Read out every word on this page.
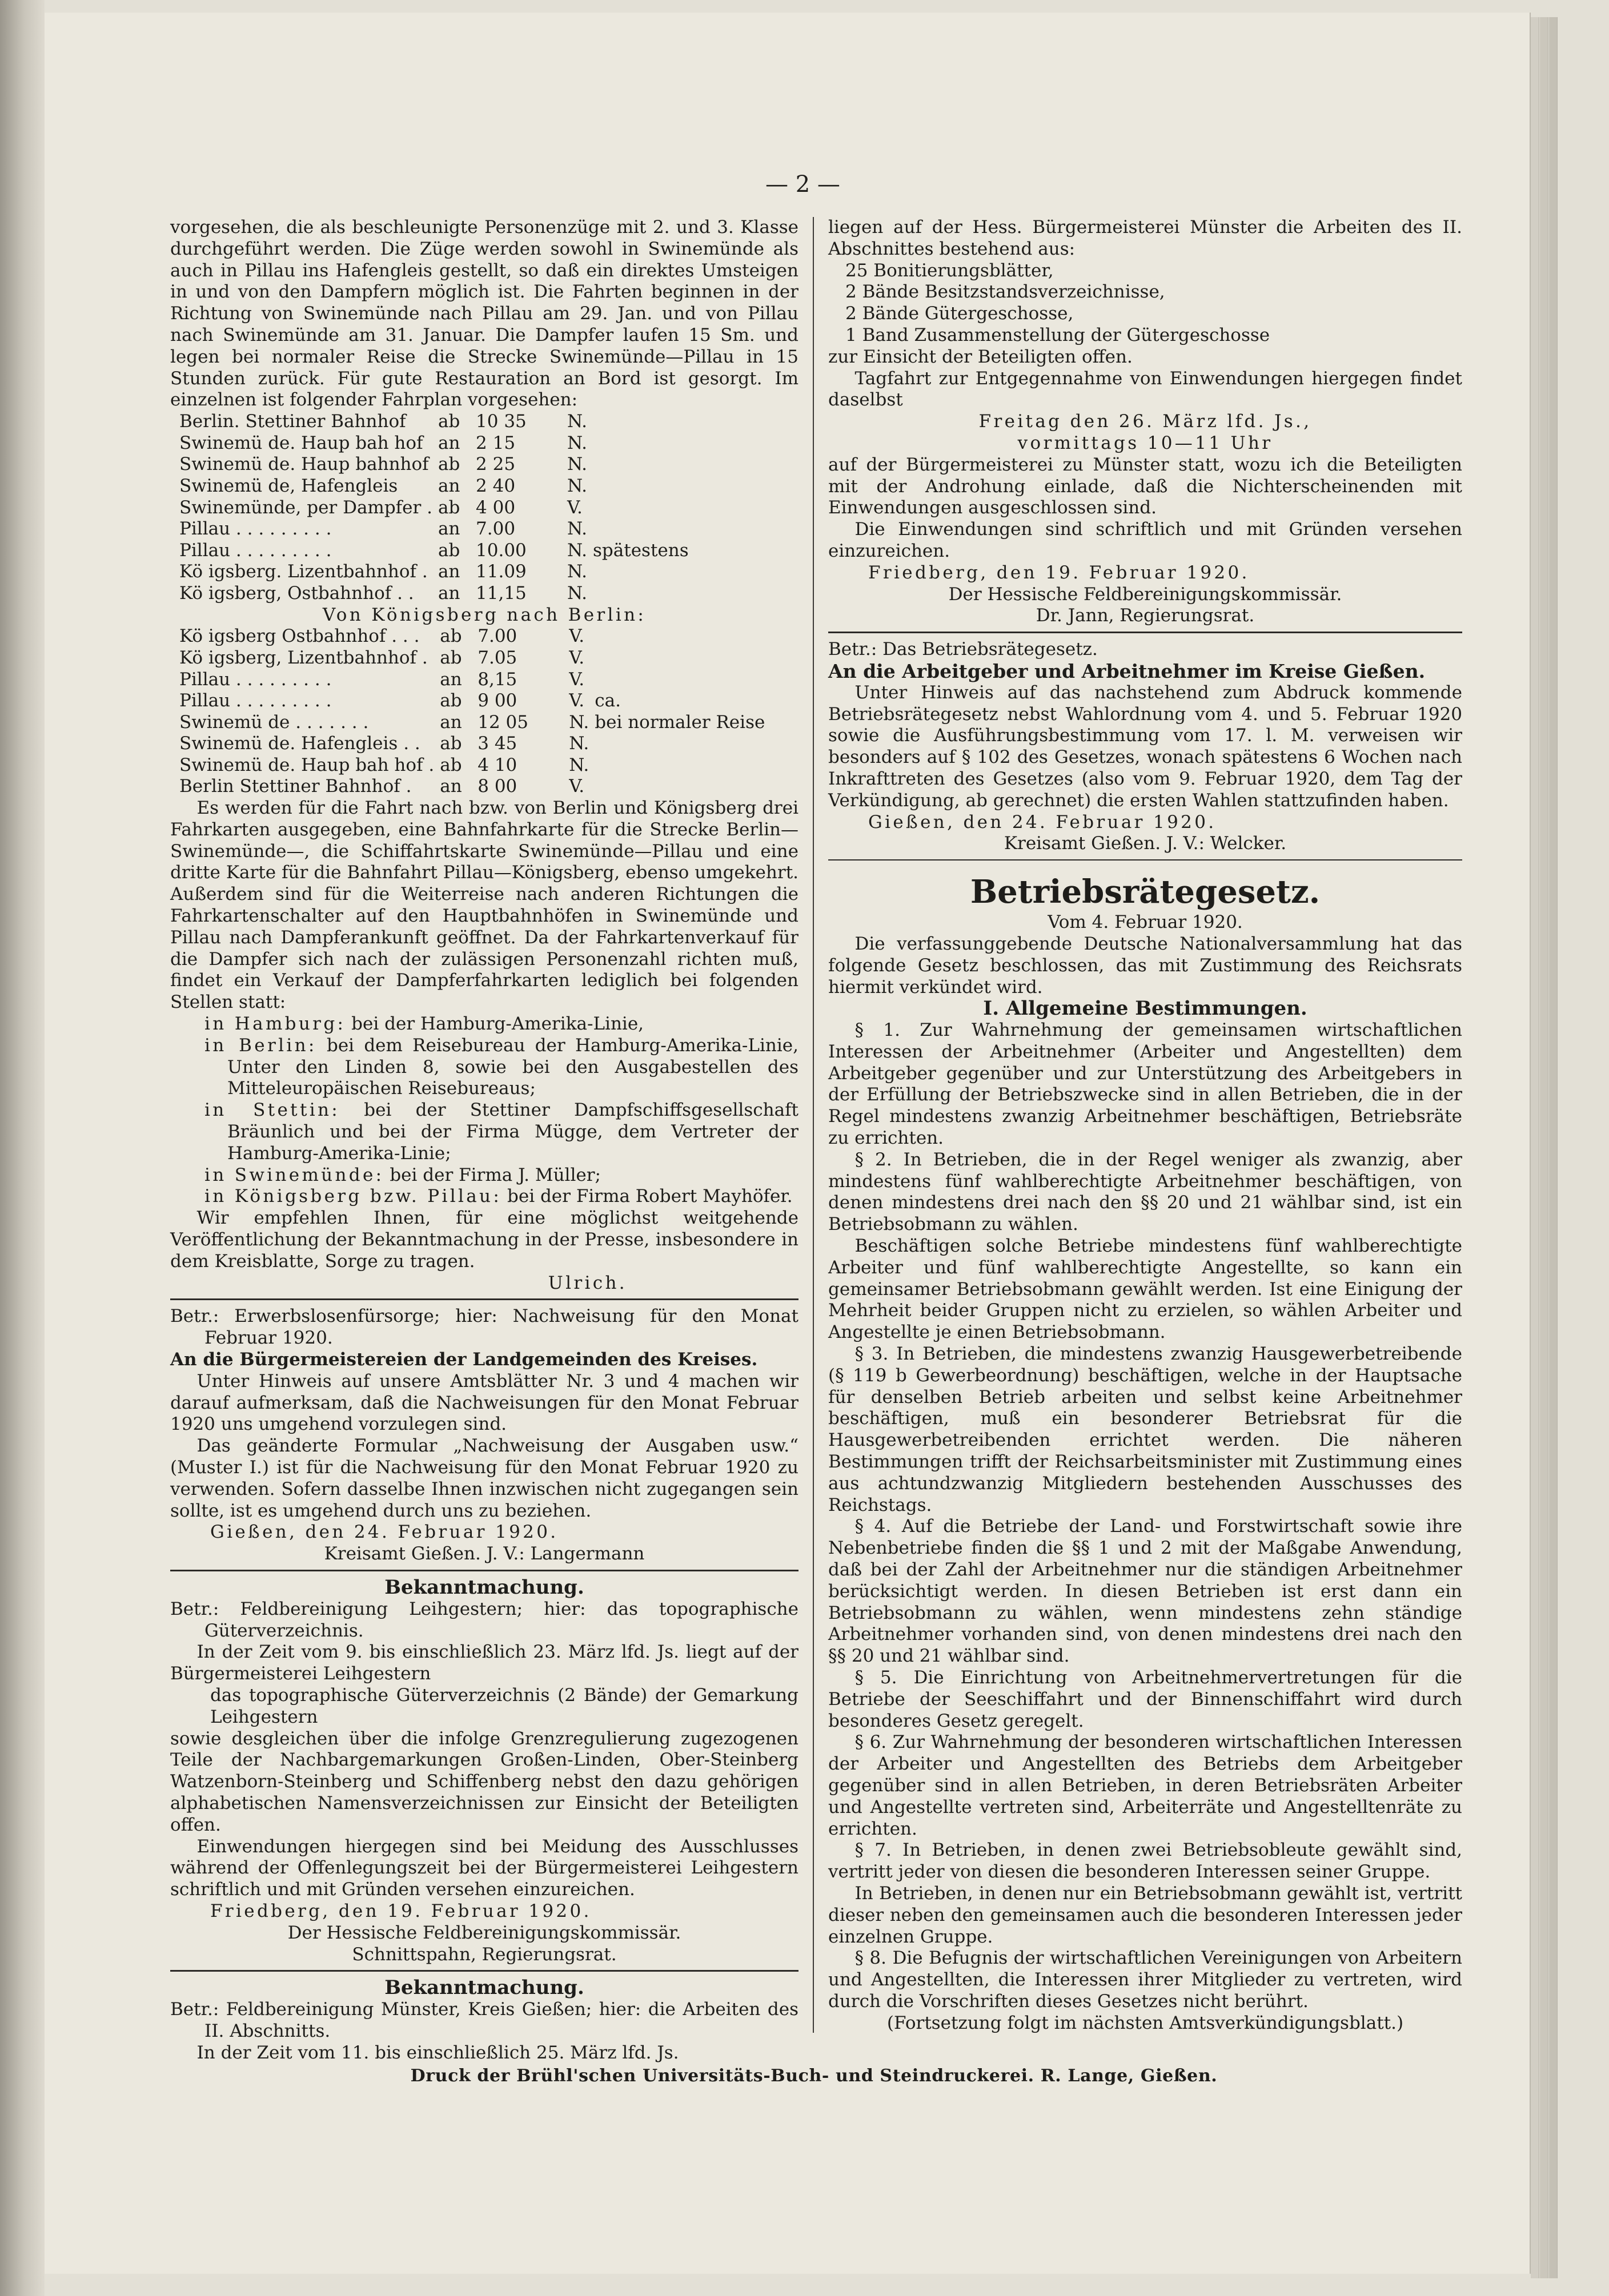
— 2 —

vorgesehen, die als beschleunigte Personenzüge mit 2. und 3. Klasse durchgeführt werden. Die Züge werden sowohl in Swinemünde als auch in Pillau ins Hafengleis gestellt, so daß ein direktes Umsteigen in und von den Dampfern möglich ist. Die Fahrten beginnen in der Richtung von Swinemünde nach Pillau am 29. Jan. und von Pillau nach Swinemünde am 31. Januar. Die Dampfer laufen 15 Sm. und legen bei normaler Reise die Strecke Swinemünde—Pillau in 15 Stunden zurück. Für gute Restauration an Bord ist gesorgt. Im einzelnen ist folgender Fahrplan vorgesehen:

Berlin. Stettiner Bahnhof	ab	10 35	N.	
Swinemü de. Haup bah hof	an	2 15	N.	
Swinemü de. Haup bahnhof	ab	2 25	N.	
Swinemü de, Hafengleis	an	2 40	N.	
Swinemünde, per Dampfer .	ab	4 00	V.	
Pillau . . . . . . . . .	an	7.00	N.	
Pillau . . . . . . . . .	ab	10.00	N.	spätestens
Kö igsberg. Lizentbahnhof .	an	11.09	N.	
Kö igsberg, Ostbahnhof . .	an	11,15	N.	

Von Königsberg nach Berlin:

Kö igsberg Ostbahnhof . . .	ab	7.00	V.	
Kö igsberg, Lizentbahnhof .	ab	7.05	V.	
Pillau . . . . . . . . .	an	8,15	V.	
Pillau . . . . . . . . .	ab	9 00	V.	ca.
Swinemü de . . . . . . .	an	12 05	N.	bei normaler Reise
Swinemü de. Hafengleis . .	ab	3 45	N.	
Swinemü de. Haup bah hof .	ab	4 10	N.	
Berlin Stettiner Bahnhof .	an	8 00	V.	

Es werden für die Fahrt nach bzw. von Berlin und Königsberg drei Fahrkarten ausgegeben, eine Bahnfahrkarte für die Strecke Berlin—Swinemünde—, die Schiffahrtskarte Swinemünde—Pillau und eine dritte Karte für die Bahnfahrt Pillau—Königsberg, ebenso umgekehrt. Außerdem sind für die Weiterreise nach anderen Richtungen die Fahrkartenschalter auf den Hauptbahnhöfen in Swinemünde und Pillau nach Dampferankunft geöffnet. Da der Fahrkartenverkauf für die Dampfer sich nach der zulässigen Personenzahl richten muß, findet ein Verkauf der Dampferfahrkarten lediglich bei folgenden Stellen statt:

in Hamburg: bei der Hamburg-Amerika-Linie,

in Berlin: bei dem Reisebureau der Hamburg-Amerika-Linie, Unter den Linden 8, sowie bei den Ausgabestellen des Mitteleuropäischen Reisebureaus;

in Stettin: bei der Stettiner Dampfschiffsgesellschaft Bräunlich und bei der Firma Mügge, dem Vertreter der Hamburg-Amerika-Linie;

in Swinemünde: bei der Firma J. Müller;

in Königsberg bzw. Pillau: bei der Firma Robert Mayhöfer.

Wir empfehlen Ihnen, für eine möglichst weitgehende Veröffentlichung der Bekanntmachung in der Presse, insbesondere in dem Kreisblatte, Sorge zu tragen.

Ulrich.

Betr.: Erwerbslosenfürsorge; hier: Nachweisung für den Monat Februar 1920.

An die Bürgermeistereien der Landgemeinden des Kreises.

Unter Hinweis auf unsere Amtsblätter Nr. 3 und 4 machen wir darauf aufmerksam, daß die Nachweisungen für den Monat Februar 1920 uns umgehend vorzulegen sind.

Das geänderte Formular „Nachweisung der Ausgaben usw.“ (Muster I.) ist für die Nachweisung für den Monat Februar 1920 zu verwenden. Sofern dasselbe Ihnen inzwischen nicht zugegangen sein sollte, ist es umgehend durch uns zu beziehen.

Gießen, den 24. Februar 1920.

Kreisamt Gießen. J. V.: Langermann

Bekanntmachung.

Betr.: Feldbereinigung Leihgestern; hier: das topographische Güterverzeichnis.

In der Zeit vom 9. bis einschließlich 23. März lfd. Js. liegt auf der Bürgermeisterei Leihgestern

das topographische Güterverzeichnis (2 Bände) der Gemarkung Leihgestern

sowie desgleichen über die infolge Grenzregulierung zugezogenen Teile der Nachbargemarkungen Großen-Linden, Ober-Steinberg Watzenborn-Steinberg und Schiffenberg nebst den dazu gehörigen alphabetischen Namensverzeichnissen zur Einsicht der Beteiligten offen.

Einwendungen hiergegen sind bei Meidung des Ausschlusses während der Offenlegungszeit bei der Bürgermeisterei Leihgestern schriftlich und mit Gründen versehen einzureichen.

Friedberg, den 19. Februar 1920.

Der Hessische Feldbereinigungskommissär.

Schnittspahn, Regierungsrat.

Bekanntmachung.

Betr.: Feldbereinigung Münster, Kreis Gießen; hier: die Arbeiten des II. Abschnitts.

In der Zeit vom 11. bis einschließlich 25. März lfd. Js.

liegen auf der Hess. Bürgermeisterei Münster die Arbeiten des II. Abschnittes bestehend aus:

25 Bonitierungsblätter,

2 Bände Besitzstandsverzeichnisse,

2 Bände Gütergeschosse,

1 Band Zusammenstellung der Gütergeschosse

zur Einsicht der Beteiligten offen.

Tagfahrt zur Entgegennahme von Einwendungen hiergegen findet daselbst

Freitag den 26. März lfd. Js.,

vormittags 10—11 Uhr

auf der Bürgermeisterei zu Münster statt, wozu ich die Beteiligten mit der Androhung einlade, daß die Nichterscheinenden mit Einwendungen ausgeschlossen sind.

Die Einwendungen sind schriftlich und mit Gründen versehen einzureichen.

Friedberg, den 19. Februar 1920.

Der Hessische Feldbereinigungskommissär.

Dr. Jann, Regierungsrat.

Betr.: Das Betriebsrätegesetz.

An die Arbeitgeber und Arbeitnehmer im Kreise Gießen.

Unter Hinweis auf das nachstehend zum Abdruck kommende Betriebsrätegesetz nebst Wahlordnung vom 4. und 5. Februar 1920 sowie die Ausführungsbestimmung vom 17. l. M. verweisen wir besonders auf § 102 des Gesetzes, wonach spätestens 6 Wochen nach Inkrafttreten des Gesetzes (also vom 9. Februar 1920, dem Tag der Verkündigung, ab gerechnet) die ersten Wahlen stattzufinden haben.

Gießen, den 24. Februar 1920.

Kreisamt Gießen. J. V.: Welcker.

Betriebsrätegesetz.

Vom 4. Februar 1920.

Die verfassunggebende Deutsche Nationalversammlung hat das folgende Gesetz beschlossen, das mit Zustimmung des Reichsrats hiermit verkündet wird.

I. Allgemeine Bestimmungen.

§ 1. Zur Wahrnehmung der gemeinsamen wirtschaftlichen Interessen der Arbeitnehmer (Arbeiter und Angestellten) dem Arbeitgeber gegenüber und zur Unterstützung des Arbeitgebers in der Erfüllung der Betriebszwecke sind in allen Betrieben, die in der Regel mindestens zwanzig Arbeitnehmer beschäftigen, Betriebsräte zu errichten.

§ 2. In Betrieben, die in der Regel weniger als zwanzig, aber mindestens fünf wahlberechtigte Arbeitnehmer beschäftigen, von denen mindestens drei nach den §§ 20 und 21 wählbar sind, ist ein Betriebsobmann zu wählen.

Beschäftigen solche Betriebe mindestens fünf wahlberechtigte Arbeiter und fünf wahlberechtigte Angestellte, so kann ein gemeinsamer Betriebsobmann gewählt werden. Ist eine Einigung der Mehrheit beider Gruppen nicht zu erzielen, so wählen Arbeiter und Angestellte je einen Betriebsobmann.

§ 3. In Betrieben, die mindestens zwanzig Hausgewerbetreibende (§ 119 b Gewerbeordnung) beschäftigen, welche in der Hauptsache für denselben Betrieb arbeiten und selbst keine Arbeitnehmer beschäftigen, muß ein besonderer Betriebsrat für die Hausgewerbetreibenden errichtet werden. Die näheren Bestimmungen trifft der Reichsarbeitsminister mit Zustimmung eines aus achtundzwanzig Mitgliedern bestehenden Ausschusses des Reichstags.

§ 4. Auf die Betriebe der Land- und Forstwirtschaft sowie ihre Nebenbetriebe finden die §§ 1 und 2 mit der Maßgabe Anwendung, daß bei der Zahl der Arbeitnehmer nur die ständigen Arbeitnehmer berücksichtigt werden. In diesen Betrieben ist erst dann ein Betriebsobmann zu wählen, wenn mindestens zehn ständige Arbeitnehmer vorhanden sind, von denen mindestens drei nach den §§ 20 und 21 wählbar sind.

§ 5. Die Einrichtung von Arbeitnehmervertretungen für die Betriebe der Seeschiffahrt und der Binnenschiffahrt wird durch besonderes Gesetz geregelt.

§ 6. Zur Wahrnehmung der besonderen wirtschaftlichen Interessen der Arbeiter und Angestellten des Betriebs dem Arbeitgeber gegenüber sind in allen Betrieben, in deren Betriebsräten Arbeiter und Angestellte vertreten sind, Arbeiterräte und Angestelltenräte zu errichten.

§ 7. In Betrieben, in denen zwei Betriebsobleute gewählt sind, vertritt jeder von diesen die besonderen Interessen seiner Gruppe.

In Betrieben, in denen nur ein Betriebsobmann gewählt ist, vertritt dieser neben den gemeinsamen auch die besonderen Interessen jeder einzelnen Gruppe.

§ 8. Die Befugnis der wirtschaftlichen Vereinigungen von Arbeitern und Angestellten, die Interessen ihrer Mitglieder zu vertreten, wird durch die Vorschriften dieses Gesetzes nicht berührt.

(Fortsetzung folgt im nächsten Amtsverkündigungsblatt.)

Druck der Brühl'schen Universitäts-Buch- und Steindruckerei. R. Lange, Gießen.
